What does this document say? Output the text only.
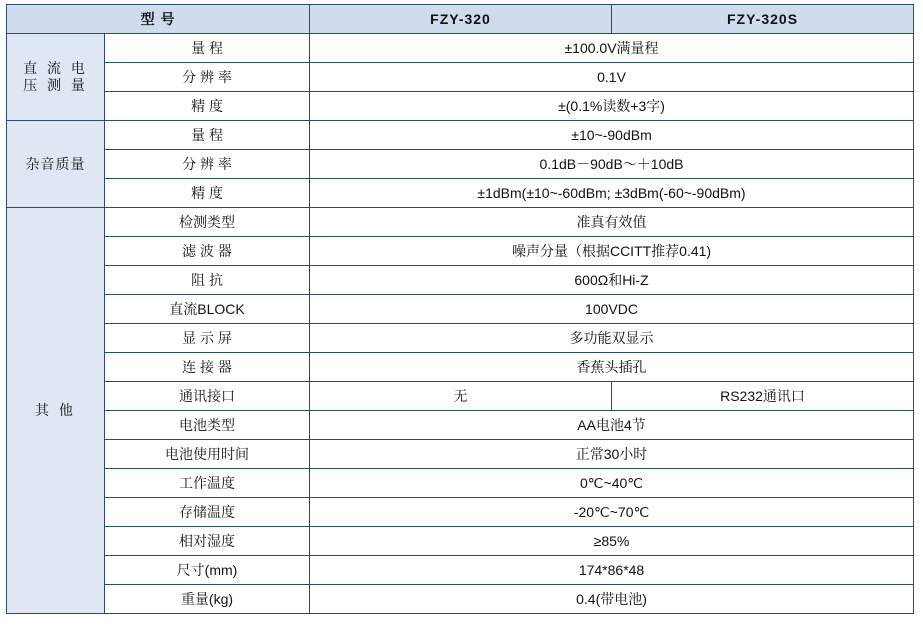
型 号		FZY-320	FZY-320S

直 流 电
压 测 量	量 程	±100.0V满量程	
	分 辨 率	0.1V	
	精 度	±(0.1%读数+3字)	
杂音质量	量 程	±10~-90dBm	
	分 辨 率	0.1dB－90dB～＋10dB	
	精 度	±1dBm(±10~-60dBm; ±3dBm(-60~-90dBm)	
其 他	检测类型	准真有效值	
	滤 波 器	噪声分量（根据CCITT推荐0.41)	
	阻 抗	600Ω和Hi-Z	
	直流BLOCK	100VDC	
	显 示 屏	多功能双显示	
	连 接 器	香蕉头插孔	
	通讯接口	无	RS232通讯口
	电池类型	AA电池4节	
	电池使用时间	正常30小时	
	工作温度	0℃~40℃	
	存储温度	-20℃~70℃	
	相对湿度	≥85%	
	尺寸(mm)	174*86*48	
	重量(kg)	0.4(带电池)	
